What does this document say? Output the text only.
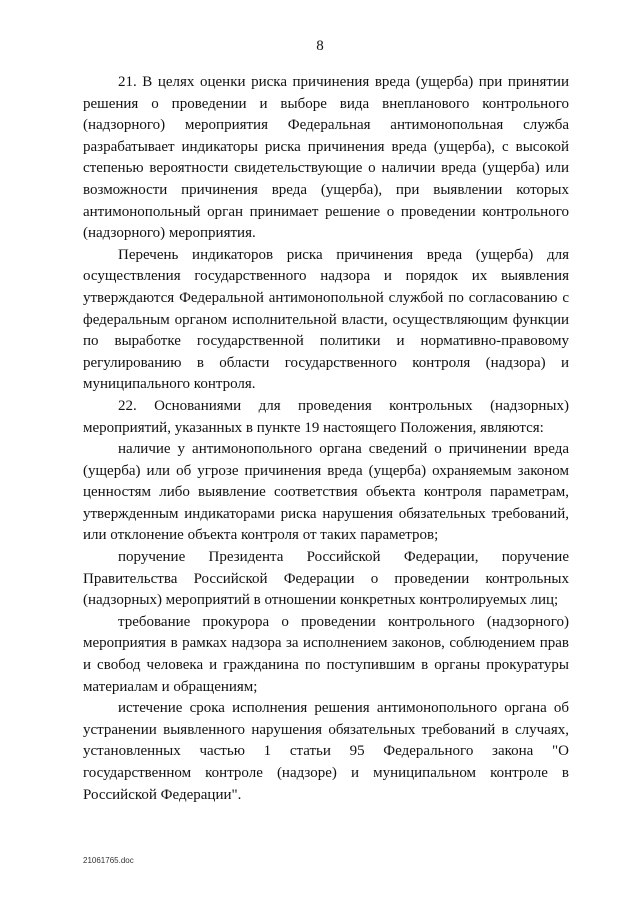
8

21. В целях оценки риска причинения вреда (ущерба) при принятии решения о проведении и выборе вида внепланового контрольного (надзорного) мероприятия Федеральная антимонопольная служба разрабатывает индикаторы риска причинения вреда (ущерба), с высокой степенью вероятности свидетельствующие о наличии вреда (ущерба) или возможности причинения вреда (ущерба), при выявлении которых антимонопольный орган принимает решение о проведении контрольного (надзорного) мероприятия.

Перечень индикаторов риска причинения вреда (ущерба) для осуществления государственного надзора и порядок их выявления утверждаются Федеральной антимонопольной службой по согласованию с федеральным органом исполнительной власти, осуществляющим функции по выработке государственной политики и нормативно-правовому регулированию в области государственного контроля (надзора) и муниципального контроля.

22. Основаниями для проведения контрольных (надзорных) мероприятий, указанных в пункте 19 настоящего Положения, являются:

наличие у антимонопольного органа сведений о причинении вреда (ущерба) или об угрозе причинения вреда (ущерба) охраняемым законом ценностям либо выявление соответствия объекта контроля параметрам, утвержденным индикаторами риска нарушения обязательных требований, или отклонение объекта контроля от таких параметров;

поручение Президента Российской Федерации, поручение Правительства Российской Федерации о проведении контрольных (надзорных) мероприятий в отношении конкретных контролируемых лиц;

требование прокурора о проведении контрольного (надзорного) мероприятия в рамках надзора за исполнением законов, соблюдением прав и свобод человека и гражданина по поступившим в органы прокуратуры материалам и обращениям;

истечение срока исполнения решения антимонопольного органа об устранении выявленного нарушения обязательных требований в случаях, установленных частью 1 статьи 95 Федерального закона "О государственном контроле (надзоре) и муниципальном контроле в Российской Федерации".

21061765.doc
